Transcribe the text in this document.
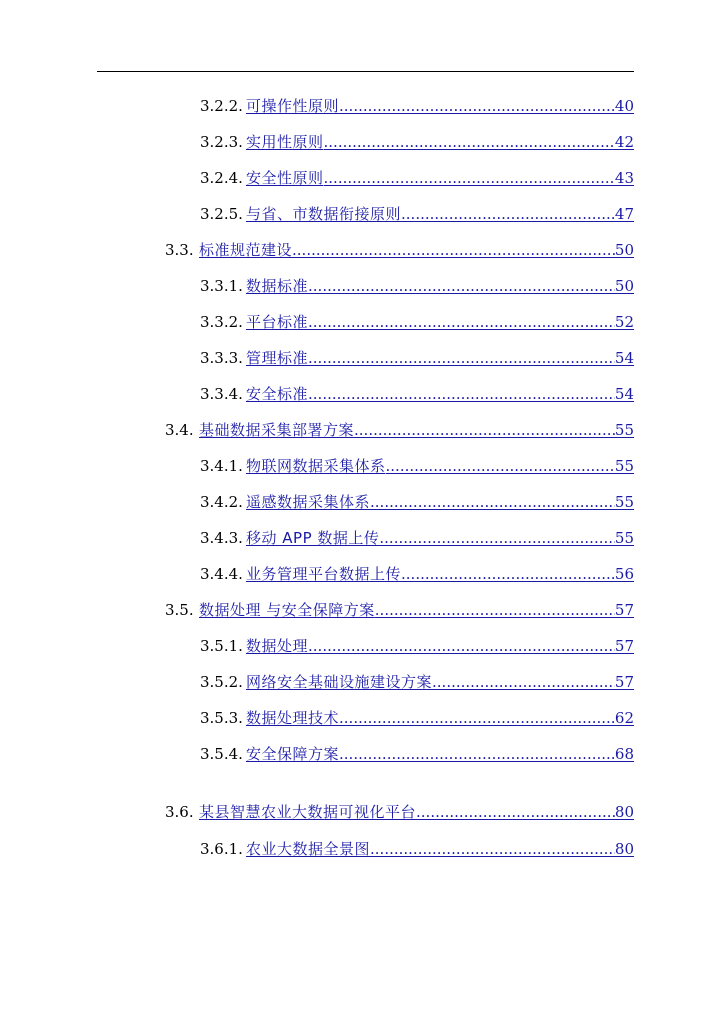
3.2.2. 可操作性原则 .....	40
3.2.3. 实用性原则 .....	42
3.2.4. 安全性原则 .....	43
3.2.5. 与省、市数据衔接原则 .....	47
3.3. 标准规范建设 .....	50
3.3.1. 数据标准 .....	50
3.3.2. 平台标准 .....	52
3.3.3. 管理标准 .....	54
3.3.4. 安全标准 .....	54
3.4. 基础数据采集部署方案 .....	55
3.4.1. 物联网数据采集体系 .....	55
3.4.2. 遥感数据采集体系 .....	55
3.4.3. 移动 APP 数据上传 .....	55
3.4.4. 业务管理平台数据上传 .....	56
3.5. 数据处理 与安全保障方案 .....	57
3.5.1. 数据处理 .....	57
3.5.2. 网络安全基础设施建设方案 .....	57
3.5.3. 数据处理技术 .....	62
3.5.4. 安全保障方案 .....	68
3.6. 某县智慧农业大数据可视化平台 .....	80
3.6.1. 农业大数据全景图 .....	80
